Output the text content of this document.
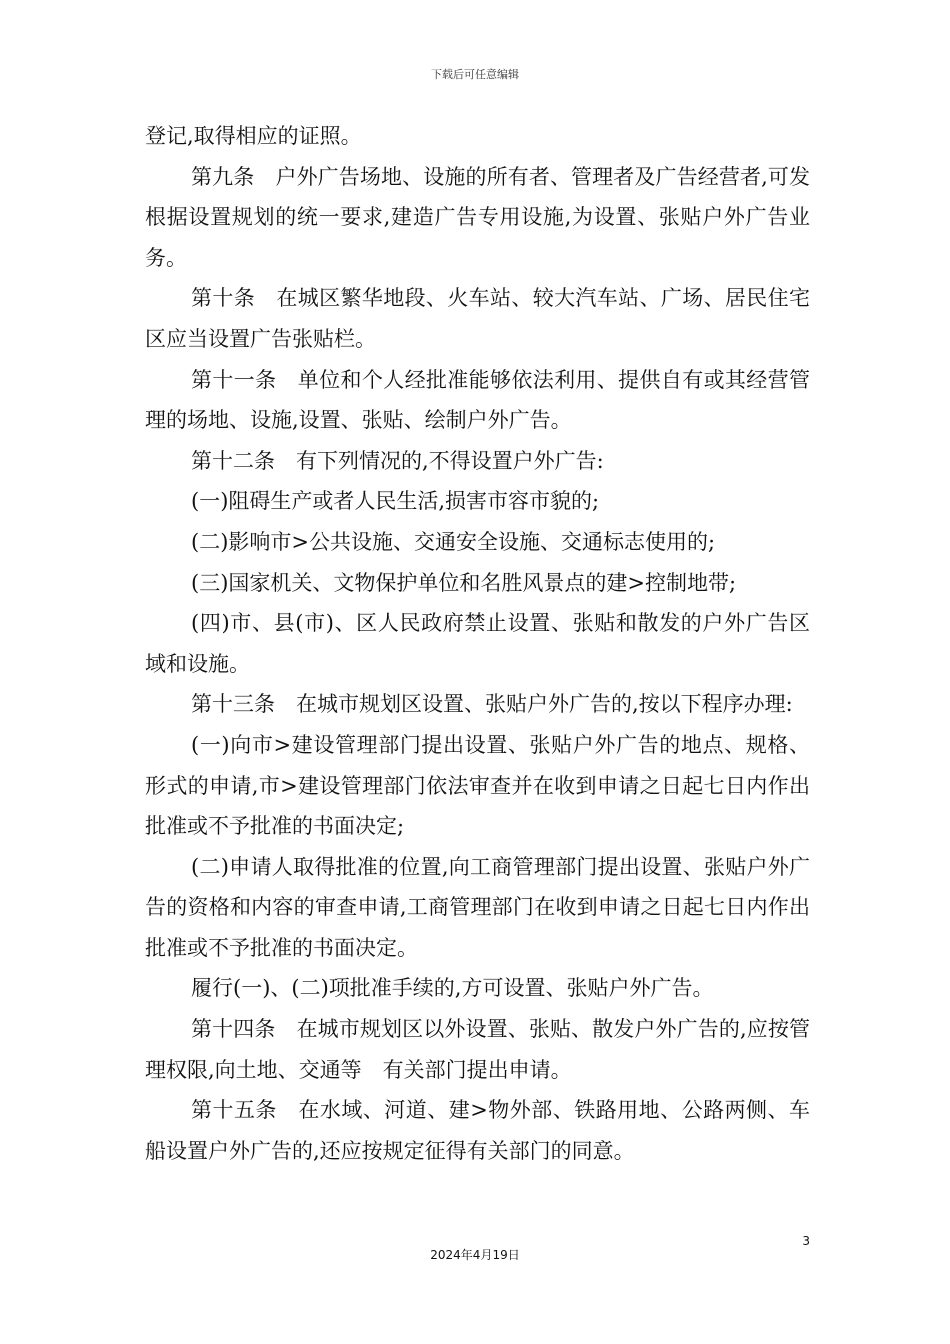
下载后可任意编辑

登记,取得相应的证照。

第九条　户外广告场地、设施的所有者、管理者及广告经营者,可发根据设置规划的统一要求,建造广告专用设施,为设置、张贴户外广告业务。

第十条　在城区繁华地段、火车站、较大汽车站、广场、居民住宅区应当设置广告张贴栏。

第十一条　单位和个人经批准能够依法利用、提供自有或其经营管理的场地、设施,设置、张贴、绘制户外广告。

第十二条　有下列情况的,不得设置户外广告:

(一)阻碍生产或者人民生活,损害市容市貌的;

(二)影响市>公共设施、交通安全设施、交通标志使用的;

(三)国家机关、文物保护单位和名胜风景点的建>控制地带;

(四)市、县(市)、区人民政府禁止设置、张贴和散发的户外广告区域和设施。

第十三条　在城市规划区设置、张贴户外广告的,按以下程序办理:

(一)向市>建设管理部门提出设置、张贴户外广告的地点、规格、形式的申请,市>建设管理部门依法审查并在收到申请之日起七日内作出批准或不予批准的书面决定;

(二)申请人取得批准的位置,向工商管理部门提出设置、张贴户外广告的资格和内容的审查申请,工商管理部门在收到申请之日起七日内作出批准或不予批准的书面决定。

履行(一)、(二)项批准手续的,方可设置、张贴户外广告。

第十四条　在城市规划区以外设置、张贴、散发户外广告的,应按管理权限,向土地、交通等　有关部门提出申请。

第十五条　在水域、河道、建>物外部、铁路用地、公路两侧、车船设置户外广告的,还应按规定征得有关部门的同意。

3
2024年4月19日
